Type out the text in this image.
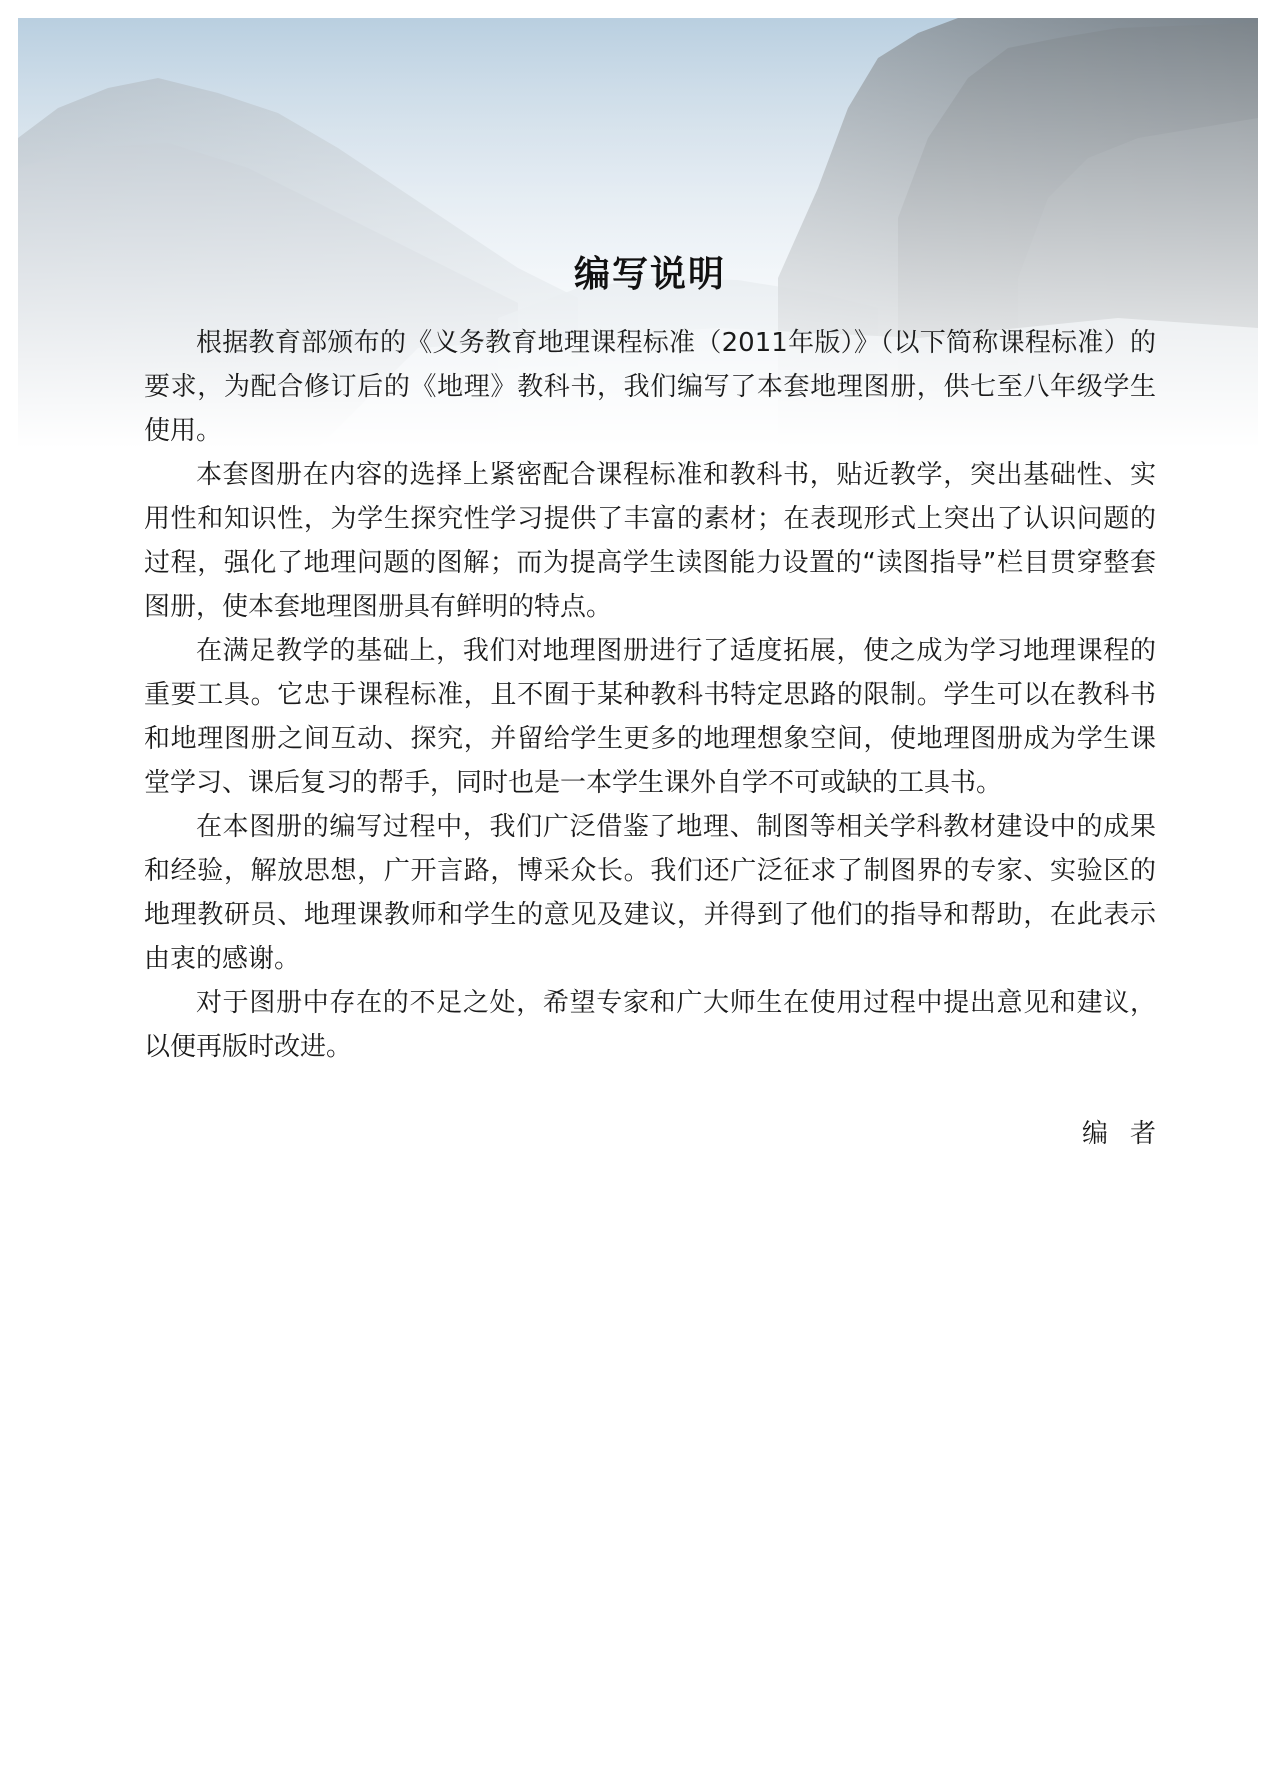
编写说明

根据教育部颁布的《义务教育地理课程标准（2011年版）》（以下简称课程标准）的要求，为配合修订后的《地理》教科书，我们编写了本套地理图册，供七至八年级学生使用。

本套图册在内容的选择上紧密配合课程标准和教科书，贴近教学，突出基础性、实用性和知识性，为学生探究性学习提供了丰富的素材；在表现形式上突出了认识问题的过程，强化了地理问题的图解；而为提高学生读图能力设置的“读图指导”栏目贯穿整套图册，使本套地理图册具有鲜明的特点。

在满足教学的基础上，我们对地理图册进行了适度拓展，使之成为学习地理课程的重要工具。它忠于课程标准，且不囿于某种教科书特定思路的限制。学生可以在教科书和地理图册之间互动、探究，并留给学生更多的地理想象空间，使地理图册成为学生课堂学习、课后复习的帮手，同时也是一本学生课外自学不可或缺的工具书。

在本图册的编写过程中，我们广泛借鉴了地理、制图等相关学科教材建设中的成果和经验，解放思想，广开言路，博采众长。我们还广泛征求了制图界的专家、实验区的地理教研员、地理课教师和学生的意见及建议，并得到了他们的指导和帮助，在此表示由衷的感谢。

对于图册中存在的不足之处，希望专家和广大师生在使用过程中提出意见和建议，以便再版时改进。

编者
